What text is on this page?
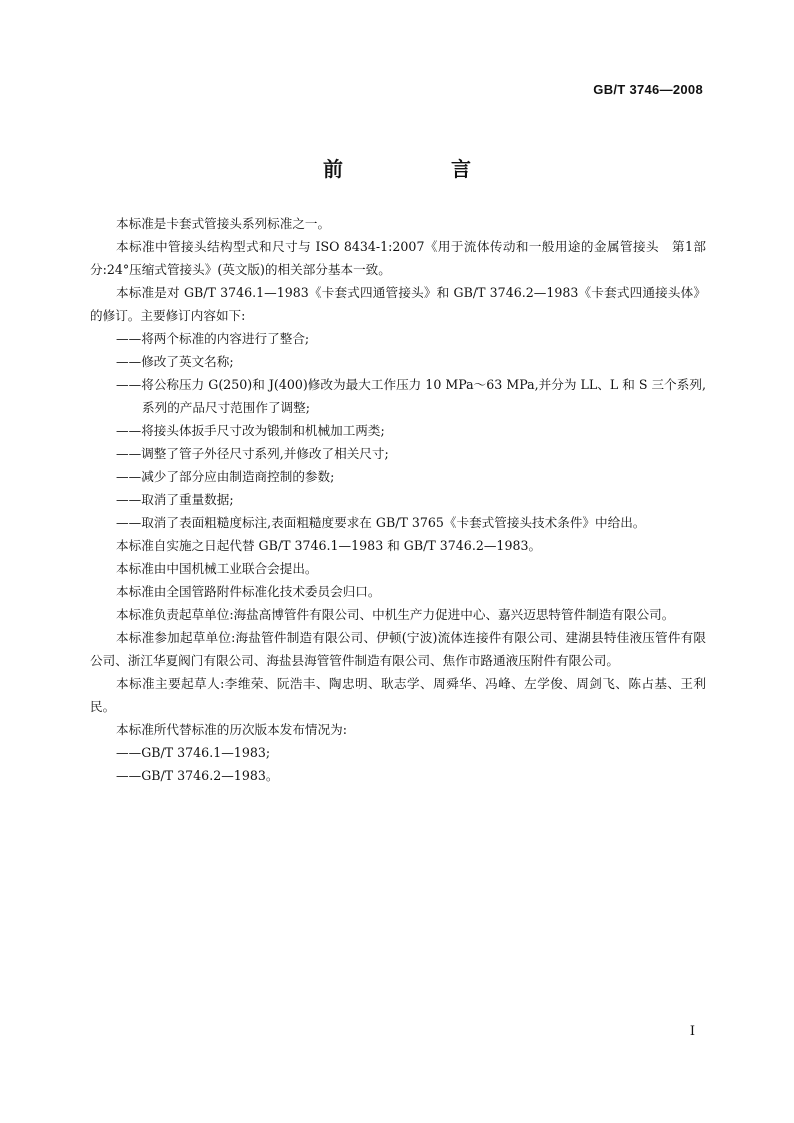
GB/T 3746—2008
前　言

本标准是卡套式管接头系列标准之一。

本标准中管接头结构型式和尺寸与 ISO 8434-1:2007《用于流体传动和一般用途的金属管接头　第1部分:24°压缩式管接头》(英文版)的相关部分基本一致。

本标准是对 GB/T 3746.1—1983《卡套式四通管接头》和 GB/T 3746.2—1983《卡套式四通接头体》的修订。主要修订内容如下:

——将两个标准的内容进行了整合;

——修改了英文名称;

——将公称压力 G(250)和 J(400)修改为最大工作压力 10 MPa～63 MPa,并分为 LL、L 和 S 三个系列,系列的产品尺寸范围作了调整;

——将接头体扳手尺寸改为锻制和机械加工两类;

——调整了管子外径尺寸系列,并修改了相关尺寸;

——减少了部分应由制造商控制的参数;

——取消了重量数据;

——取消了表面粗糙度标注,表面粗糙度要求在 GB/T 3765《卡套式管接头技术条件》中给出。

本标准自实施之日起代替 GB/T 3746.1—1983 和 GB/T 3746.2—1983。

本标准由中国机械工业联合会提出。

本标准由全国管路附件标准化技术委员会归口。

本标准负责起草单位:海盐高博管件有限公司、中机生产力促进中心、嘉兴迈思特管件制造有限公司。

本标准参加起草单位:海盐管件制造有限公司、伊顿(宁波)流体连接件有限公司、建湖县特佳液压管件有限公司、浙江华夏阀门有限公司、海盐县海管管件制造有限公司、焦作市路通液压附件有限公司。

本标准主要起草人:李维荣、阮浩丰、陶忠明、耿志学、周舜华、冯峰、左学俊、周剑飞、陈占基、王利民。

本标准所代替标准的历次版本发布情况为:

——GB/T 3746.1—1983;

——GB/T 3746.2—1983。

I
